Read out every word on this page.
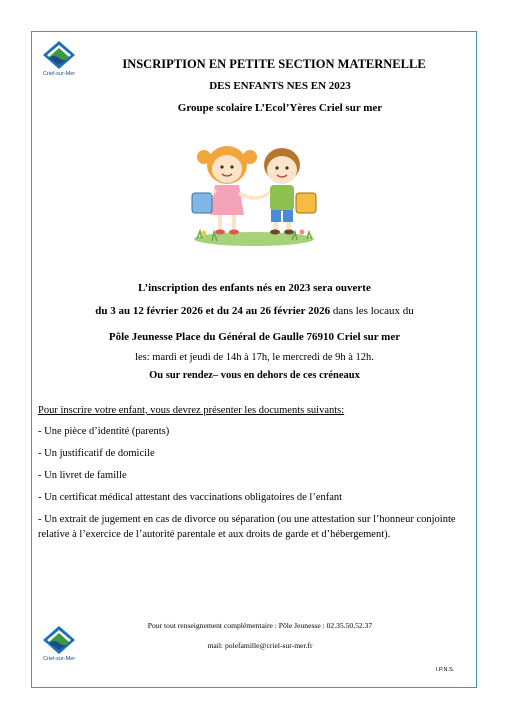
Criel-sur-Mer
INSCRIPTION EN PETITE SECTION MATERNELLE
DES ENFANTS NES EN 2023
Groupe scolaire L’Ecol’Yères Criel sur mer
L’inscription des enfants nés en 2023 sera ouverte
du 3 au 12 février 2026 et du 24 au 26 février 2026 dans les locaux du
Pôle Jeunesse Place du Général de Gaulle 76910 Criel sur mer
les: mardi et jeudi de 14h à 17h, le mercredi de 9h à 12h.
Ou sur rendez– vous en dehors de ces créneaux
Pour inscrire votre enfant, vous devrez présenter les documents suivants:
- Une pièce d’identité (parents)
- Un justificatif de domicile
- Un livret de famille
- Un certificat médical attestant des vaccinations obligatoires de l’enfant
- Un extrait de jugement en cas de divorce ou séparation (ou une attestation sur l’honneur conjointe relative à l’exercice de l’autorité parentale et aux droits de garde et d’hébergement).
Criel-sur-Mer
Pour tout renseignement complémentaire : Pôle Jeunesse : 02.35.50.52.37
mail: polefamille@criel-sur-mer.fr
I.P.N.S.
